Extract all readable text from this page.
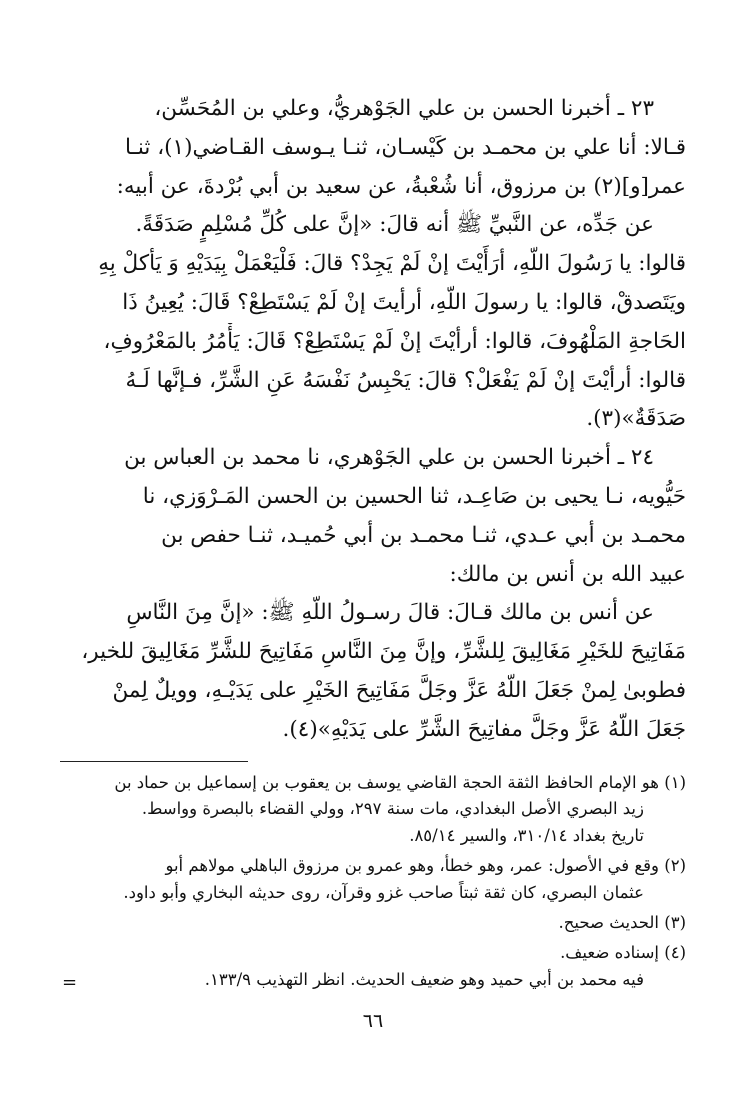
٢٣ ـ أخبرنا الحسن بن علي الجَوْهريُّ، وعلي بن المُحَسِّن،
قـالا: أنا علي بن محمـد بن كَيْسـان، ثنـا يـوسف القـاضي(١)، ثنـا
عمر[و](٢) بن مرزوق، أنا شُعْبةُ، عن سعيد بن أبي بُرْدةَ، عن أبيه:
عن جَدِّه، عن النَّبيِّ ﷺ أنه قالَ: «إنَّ على كُلِّ مُسْلِمٍ صَدَقَةً.
قالوا: يا رَسُولَ اللّهِ، أرَأَيْتَ إنْ لَمْ يَجِدْ؟ قالَ: فَلْيَعْمَلْ بِيَدَيْهِ وَ يَأكلْ بِهِ
ويَتَصدقْ، قالوا: يا رسولَ اللّهِ، أرأيتَ إنْ لَمْ يَسْتَطِعْ؟ قَالَ: يُعِينُ ذَا
الحَاجةِ المَلْهُوفَ، قالوا: أرأيْتَ إنْ لَمْ يَسْتَطِعْ؟ قَالَ: يَأْمُرُ بالمَعْرُوفِ،
قالوا: أرأيْتَ إنْ لَمْ يَفْعَلْ؟ قالَ: يَحْبِسُ نَفْسَهُ عَنِ الشَّرِّ، فـإنَّها لَـهُ
صَدَقَةٌ»(٣).
٢٤ ـ أخبرنا الحسن بن علي الجَوْهري، نا محمد بن العباس بن
حَيُّويه، نـا يحيى بن صَاعِـد، ثنا الحسين بن الحسن المَـرْوَزي، نا
محمـد بن أبي عـدي، ثنـا محمـد بن أبي حُميـد، ثنـا حفص بن
عبيد الله بن أنس بن مالك:
عن أنس بن مالك قـالَ: قالَ رسـولُ اللّهِ ﷺ: «إنَّ مِنَ النَّاسِ
مَفَاتِيحَ للخَيْرِ مَغَالِيقَ لِلشَّرِّ، وإنَّ مِنَ النَّاسِ مَفَاتِيحَ للشَّرِّ مَغَالِيقَ للخير،
فطوبىٰ لِمنْ جَعَلَ اللّهُ عَزَّ وجَلَّ مَفَاتِيحَ الخَيْرِ على يَدَيْـهِ، وويلٌ لِمنْ
جَعَلَ اللّهُ عَزَّ وجَلَّ مفاتِيحَ الشَّرِّ على يَدَيْهِ»(٤).
(١) هو الإمام الحافظ الثقة الحجة القاضي يوسف بن يعقوب بن إسماعيل بن حماد بن
زيد البصري الأصل البغدادي، مات سنة ٢٩٧، وولي القضاء بالبصرة وواسط.
تاريخ بغداد ٣١٠/١٤، والسير ٨٥/١٤.
(٢) وقع في الأصول: عمر، وهو خطأ، وهو عمرو بن مرزوق الباهلي مولاهم أبو
عثمان البصري، كان ثقة ثبتاً صاحب غزو وقرآن، روى حديثه البخاري وأبو داود.
(٣) الحديث صحيح.
(٤) إسناده ضعيف.
فيه محمد بن أبي حميد وهو ضعيف الحديث. انظر التهذيب ١٣٣/٩.
=
٦٦
